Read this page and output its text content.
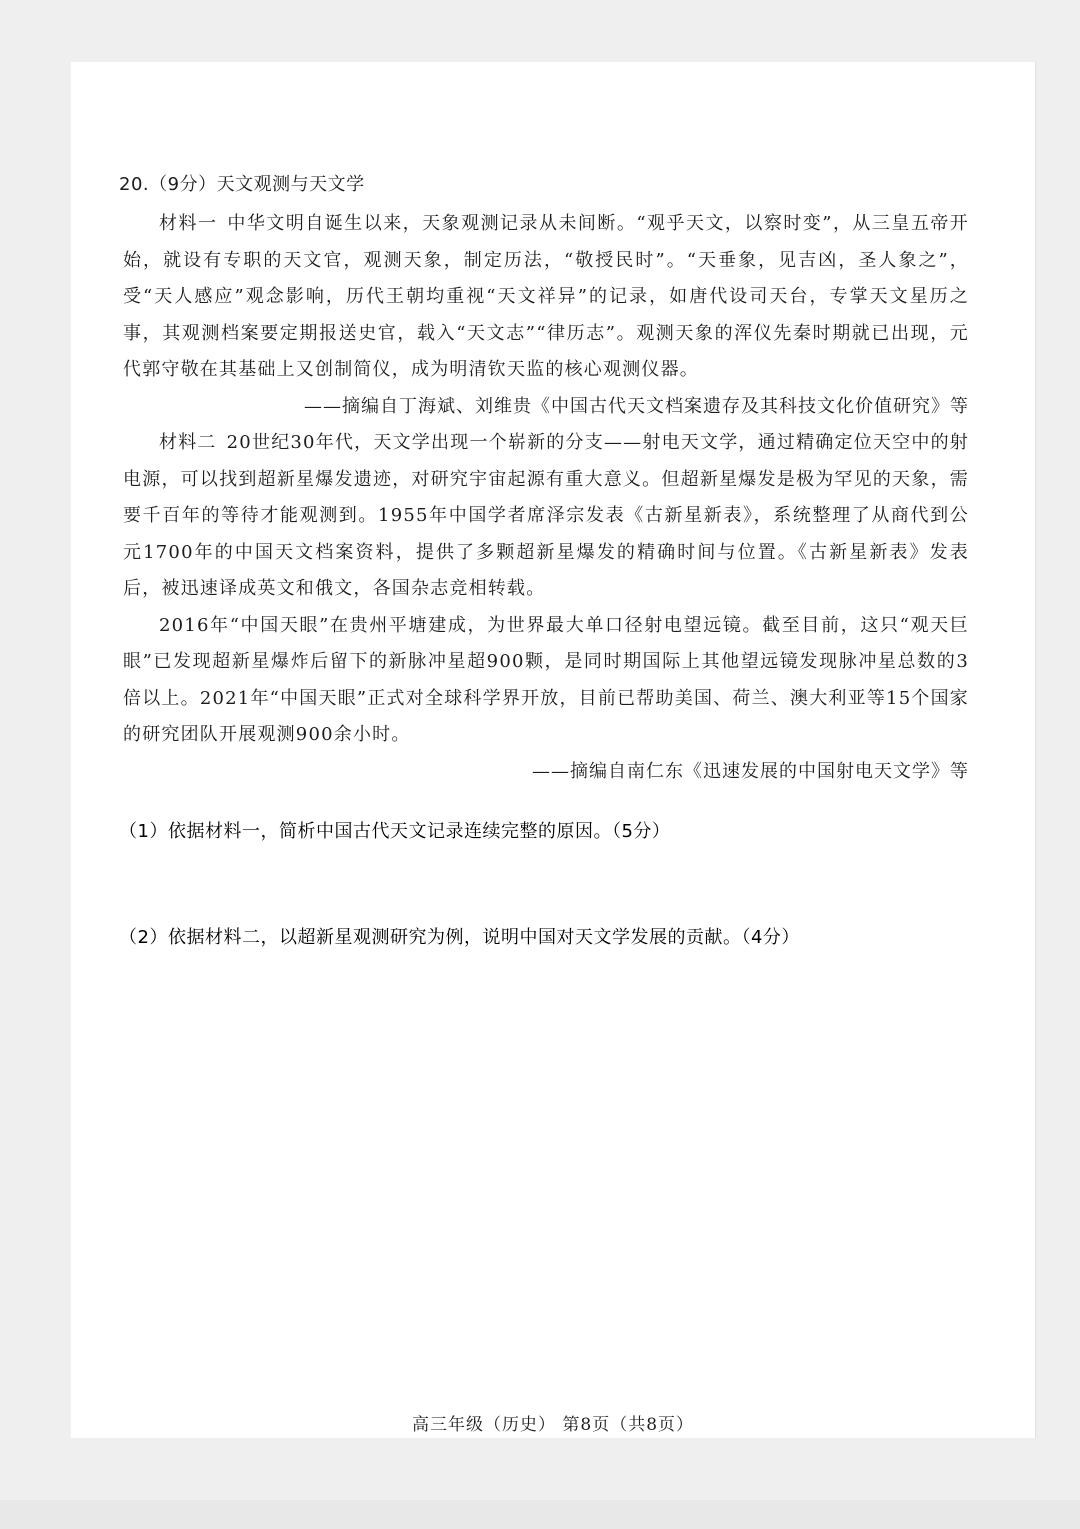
20.（9分）天文观测与天文学

材料一 中华文明自诞生以来，天象观测记录从未间断。“观乎天文，以察时变”，从三皇五帝开始，就设有专职的天文官，观测天象，制定历法，“敬授民时”。“天垂象，见吉凶，圣人象之”，受“天人感应”观念影响，历代王朝均重视“天文祥异”的记录，如唐代设司天台，专掌天文星历之事，其观测档案要定期报送史官，载入“天文志”“律历志”。观测天象的浑仪先秦时期就已出现，元代郭守敬在其基础上又创制简仪，成为明清钦天监的核心观测仪器。

——摘编自丁海斌、刘维贵《中国古代天文档案遗存及其科技文化价值研究》等

材料二 20世纪30年代，天文学出现一个崭新的分支——射电天文学，通过精确定位天空中的射电源，可以找到超新星爆发遗迹，对研究宇宙起源有重大意义。但超新星爆发是极为罕见的天象，需要千百年的等待才能观测到。1955年中国学者席泽宗发表《古新星新表》，系统整理了从商代到公元1700年的中国天文档案资料，提供了多颗超新星爆发的精确时间与位置。《古新星新表》发表后，被迅速译成英文和俄文，各国杂志竞相转载。

2016年“中国天眼”在贵州平塘建成，为世界最大单口径射电望远镜。截至目前，这只“观天巨眼”已发现超新星爆炸后留下的新脉冲星超900颗，是同时期国际上其他望远镜发现脉冲星总数的3倍以上。2021年“中国天眼”正式对全球科学界开放，目前已帮助美国、荷兰、澳大利亚等15个国家的研究团队开展观测900余小时。

——摘编自南仁东《迅速发展的中国射电天文学》等

（1）依据材料一，简析中国古代天文记录连续完整的原因。（5分）

（2）依据材料二，以超新星观测研究为例，说明中国对天文学发展的贡献。（4分）

高三年级（历史） 第8页（共8页）
